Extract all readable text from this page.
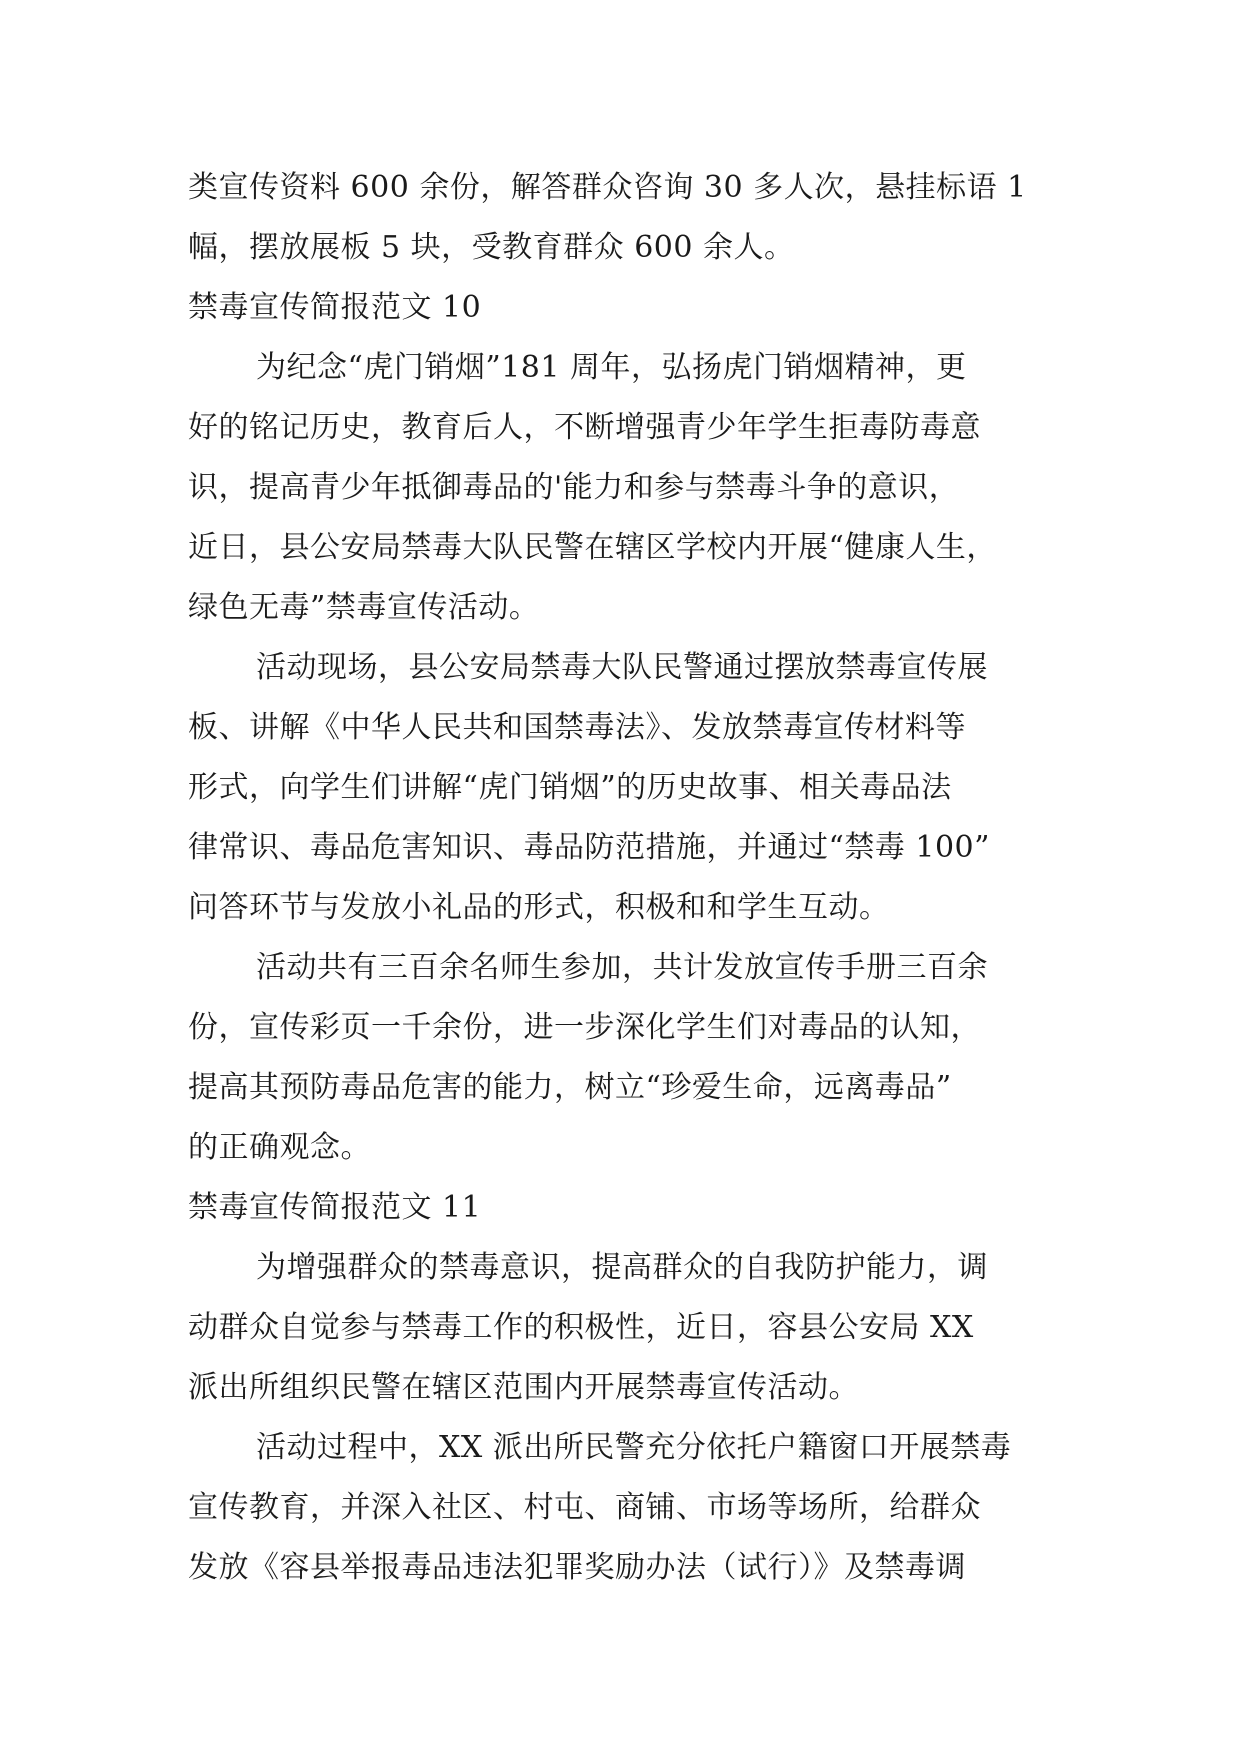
类宣传资料 600 余份，解答群众咨询 30 多人次，悬挂标语 1
幅，摆放展板 5 块，受教育群众 600 余人。
禁毒宣传简报范文 10
为纪念“虎门销烟”181 周年，弘扬虎门销烟精神，更
好的铭记历史，教育后人，不断增强青少年学生拒毒防毒意
识，提高青少年抵御毒品的'能力和参与禁毒斗争的意识，
近日，县公安局禁毒大队民警在辖区学校内开展“健康人生，
绿色无毒”禁毒宣传活动。
活动现场，县公安局禁毒大队民警通过摆放禁毒宣传展
板、讲解《中华人民共和国禁毒法》、发放禁毒宣传材料等
形式，向学生们讲解“虎门销烟”的历史故事、相关毒品法
律常识、毒品危害知识、毒品防范措施，并通过“禁毒 100”
问答环节与发放小礼品的形式，积极和和学生互动。
活动共有三百余名师生参加，共计发放宣传手册三百余
份，宣传彩页一千余份，进一步深化学生们对毒品的认知，
提高其预防毒品危害的能力，树立“珍爱生命，远离毒品”
的正确观念。
禁毒宣传简报范文 11
为增强群众的禁毒意识，提高群众的自我防护能力，调
动群众自觉参与禁毒工作的积极性，近日，容县公安局 XX
派出所组织民警在辖区范围内开展禁毒宣传活动。
活动过程中，XX 派出所民警充分依托户籍窗口开展禁毒
宣传教育，并深入社区、村屯、商铺、市场等场所，给群众
发放《容县举报毒品违法犯罪奖励办法（试行）》及禁毒调
